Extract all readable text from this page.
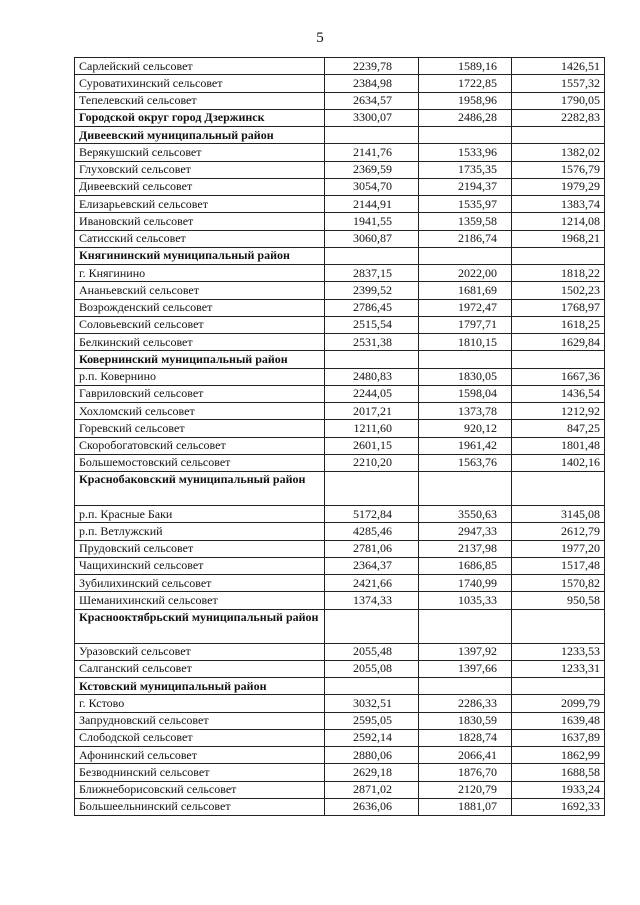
5
Сарлейский сельсовет	2239,78	1589,16	1426,51
Суроватихинский сельсовет	2384,98	1722,85	1557,32
Тепелевский сельсовет	2634,57	1958,96	1790,05
Городской округ город Дзержинск	3300,07	2486,28	2282,83
Дивеевский муниципальный район			
Верякушский сельсовет	2141,76	1533,96	1382,02
Глуховский сельсовет	2369,59	1735,35	1576,79
Дивеевский сельсовет	3054,70	2194,37	1979,29
Елизарьевский сельсовет	2144,91	1535,97	1383,74
Ивановский сельсовет	1941,55	1359,58	1214,08
Сатисский сельсовет	3060,87	2186,74	1968,21
Княгининский муниципальный район			
г. Княгинино	2837,15	2022,00	1818,22
Ананьевский сельсовет	2399,52	1681,69	1502,23
Возрожденский сельсовет	2786,45	1972,47	1768,97
Соловьевский сельсовет	2515,54	1797,71	1618,25
Белкинский сельсовет	2531,38	1810,15	1629,84
Ковернинский муниципальный район			
р.п. Ковернино	2480,83	1830,05	1667,36
Гавриловский сельсовет	2244,05	1598,04	1436,54
Хохломский сельсовет	2017,21	1373,78	1212,92
Горевский сельсовет	1211,60	920,12	847,25
Скоробогатовский сельсовет	2601,15	1961,42	1801,48
Большемостовский сельсовет	2210,20	1563,76	1402,16
Краснобаковский муниципальный район			
р.п. Красные Баки	5172,84	3550,63	3145,08
р.п. Ветлужский	4285,46	2947,33	2612,79
Прудовский сельсовет	2781,06	2137,98	1977,20
Чащихинский сельсовет	2364,37	1686,85	1517,48
Зубилихинский сельсовет	2421,66	1740,99	1570,82
Шеманихинский сельсовет	1374,33	1035,33	950,58
Краснооктябрьский муниципальный район			
Уразовский сельсовет	2055,48	1397,92	1233,53
Салганский сельсовет	2055,08	1397,66	1233,31
Кстовский муниципальный район			
г. Кстово	3032,51	2286,33	2099,79
Запрудновский сельсовет	2595,05	1830,59	1639,48
Слободской сельсовет	2592,14	1828,74	1637,89
Афонинский сельсовет	2880,06	2066,41	1862,99
Безводнинский сельсовет	2629,18	1876,70	1688,58
Ближнеборисовский сельсовет	2871,02	2120,79	1933,24
Большеельнинский сельсовет	2636,06	1881,07	1692,33
